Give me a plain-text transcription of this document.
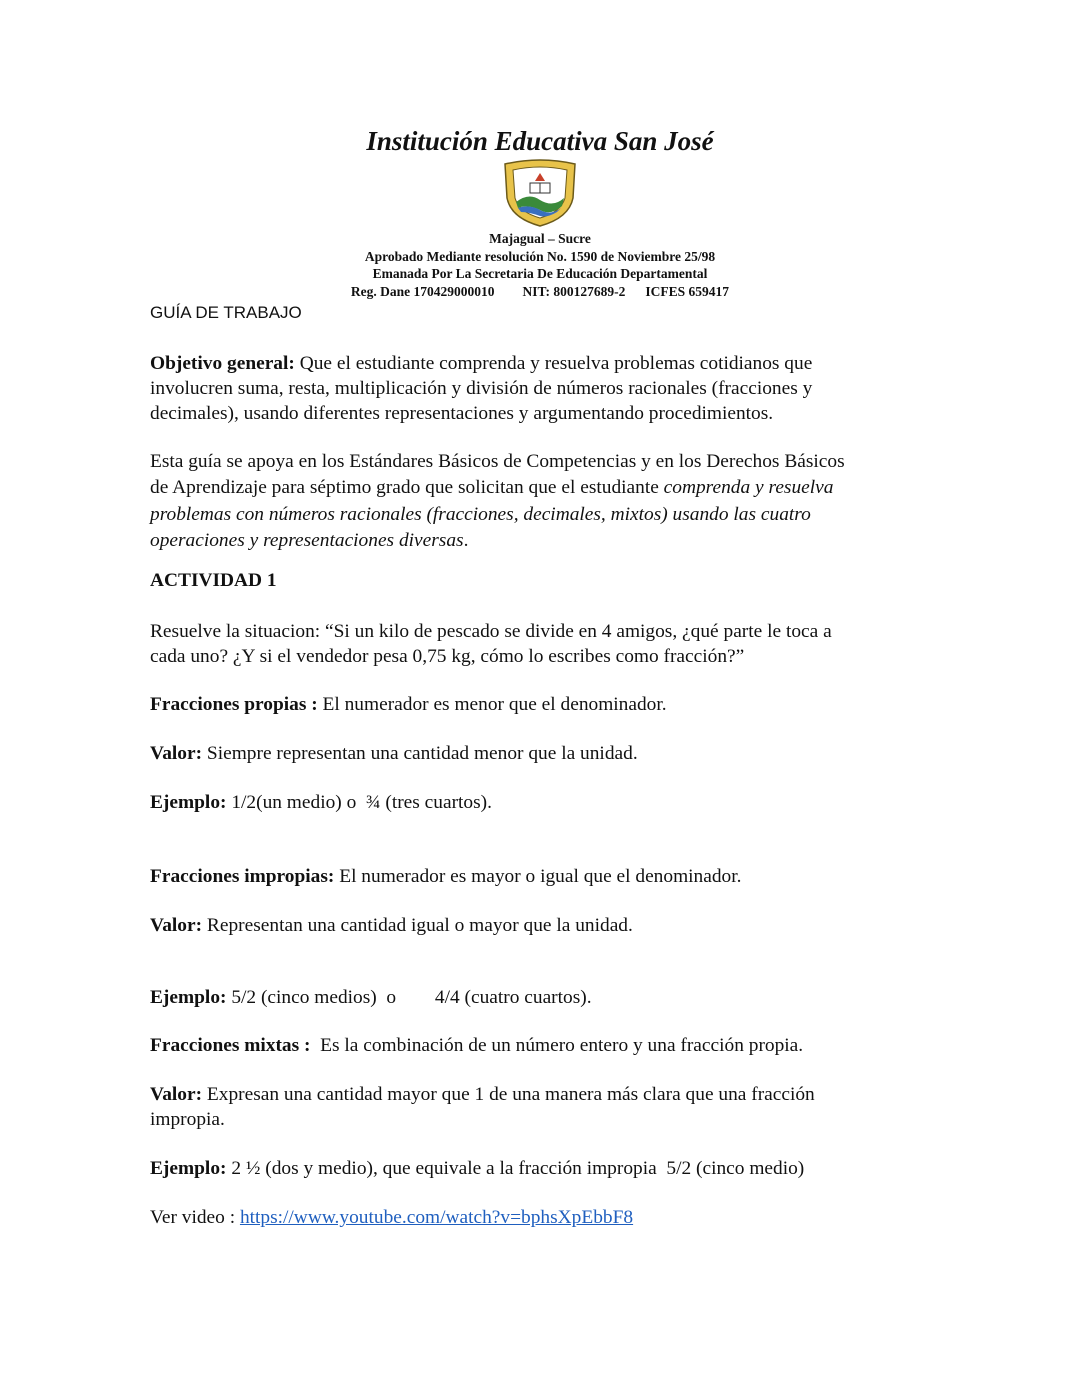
Institución Educativa San José
Majagual – Sucre
Aprobado Mediante resolución No. 1590 de Noviembre 25/98
Emanada Por La Secretaria De Educación Departamental
Reg. Dane 170429000010 NIT: 800127689-2 ICFES 659417
GUÍA DE TRABAJO
Objetivo general: Que el estudiante comprenda y resuelva problemas cotidianos que
involucren suma, resta, multiplicación y división de números racionales (fracciones y
decimales), usando diferentes representaciones y argumentando procedimientos.
Esta guía se apoya en los Estándares Básicos de Competencias y en los Derechos Básicos
de Aprendizaje para séptimo grado que solicitan que el estudiante comprenda y resuelva
problemas con números racionales (fracciones, decimales, mixtos) usando las cuatro
operaciones y representaciones diversas.
ACTIVIDAD 1
Resuelve la situacion: “Si un kilo de pescado se divide en 4 amigos, ¿qué parte le toca a
cada uno? ¿Y si el vendedor pesa 0,75 kg, cómo lo escribes como fracción?”
Fracciones propias : El numerador es menor que el denominador.
Valor: Siempre representan una cantidad menor que la unidad.
Ejemplo: 1/2(un medio) o  ¾ (tres cuartos).
Fracciones impropias: El numerador es mayor o igual que el denominador.
Valor: Representan una cantidad igual o mayor que la unidad.
Ejemplo: 5/2 (cinco medios)  o        4/4 (cuatro cuartos).
Fracciones mixtas :  Es la combinación de un número entero y una fracción propia.
Valor: Expresan una cantidad mayor que 1 de una manera más clara que una fracción
impropia.
Ejemplo: 2 ½ (dos y medio), que equivale a la fracción impropia  5/2 (cinco medio)
Ver video : https://www.youtube.com/watch?v=bphsXpEbbF8
